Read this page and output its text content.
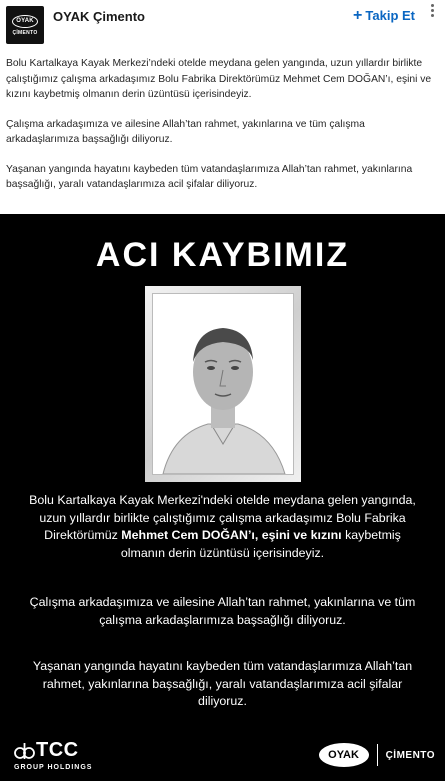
OYAK
ÇİMENTO
OYAK Çimento	+ Takip Et

Bolu Kartalkaya Kayak Merkezi’ndeki otelde meydana gelen yangında, uzun yıllardır birlikte çalıştığımız çalışma arkadaşımız Bolu Fabrika Direktörümüz Mehmet Cem DOĞAN’ı, eşini ve kızını kaybetmiş olmanın derin üzüntüsü içerisindeyiz.

Çalışma arkadaşımıza ve ailesine Allah’tan rahmet, yakınlarına ve tüm çalışma arkadaşlarımıza başsağlığı diliyoruz.

Yaşanan yangında hayatını kaybeden tüm vatandaşlarımıza Allah’tan rahmet, yakınlarına başsağlığı, yaralı vatandaşlarımıza acil şifalar diliyoruz.

ACI KAYBIMIZ
Bolu Kartalkaya Kayak Merkezi'ndeki otelde meydana gelen yangında, uzun yıllardır birlikte çalıştığımız çalışma arkadaşımız Bolu Fabrika Direktörümüz Mehmet Cem DOĞAN’ı, eşini ve kızını kaybetmiş olmanın derin üzüntüsü içerisindeyiz.
Çalışma arkadaşımıza ve ailesine Allah’tan rahmet, yakınlarına ve tüm çalışma arkadaşlarımıza başsağlığı diliyoruz.
Yaşanan yangında hayatını kaybeden tüm vatandaşlarımıza Allah’tan rahmet, yakınlarına başsağlığı, yaralı vatandaşlarımıza acil şifalar diliyoruz.
TCC
GROUP HOLDINGS
OYAK	ÇİMENTO
